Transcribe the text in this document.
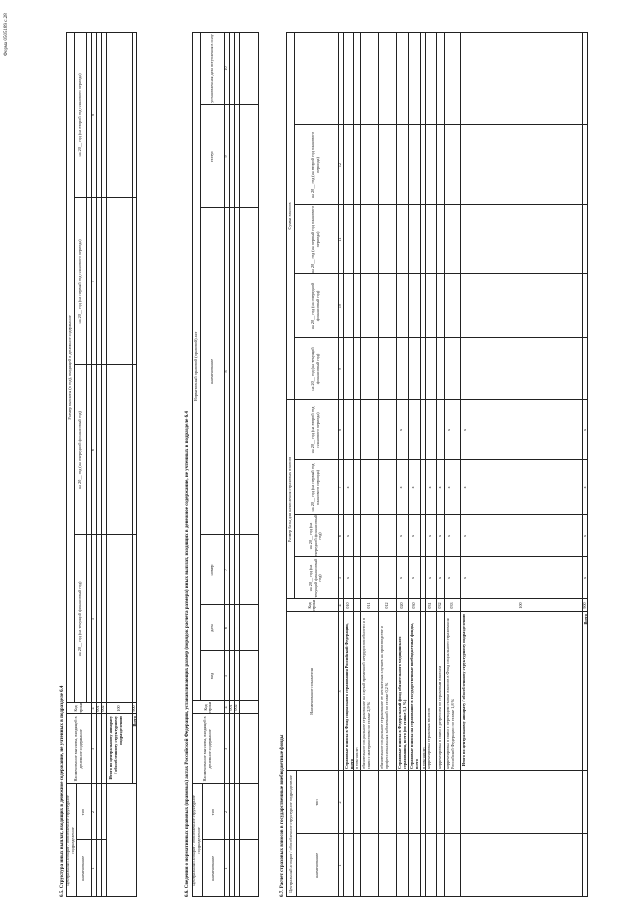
Форма 0505189 с.28
6.5. Структура иных выплат, входящих в денежное содержание, не учтенных в подразделе 6.4 Центральный аппарат / обособленное структурное подразделение
наименование
тип
Наименование выплаты, входящей в денежное содержание
Код строки
Размер выплаты (в год), входящей в денежное содержание
на 20__ год (на текущий финансовый год)
на 20__ год (на очередной финансовый год)
на 20__ год (на первый год планового периода)
на 20__ год (на второй год планового периода)
1
2
3
4
5
6
7
8
001 002
Итого по центральному аппарату / обособленному структурному подразделению
100
Всего
900	6.6. Сведения о нормативных правовых (правовых) актах Российской Федерации, устанавливающих размер (порядок расчета размера) иных выплат, входящих в денежное содержание, не учтенных в подразделе 6.4 Центральный аппарат / обособленное структурное подразделение
наименование
тип
Наименование выплаты, входящей в денежное содержание
Код строки
Нормативный правовой (правовой) акт
вид
дата
номер
наименование
статус
установленная дата вступления в силу
1
2
3
4
5
6
7
8
9
10
001 002
6.7. Расчет страховых взносов в государственные внебюджетные фонды Центральный аппарат / обособленное структурное подразделение	наименование
тип
Наименование показателя
Код строки
Размер базы для начисления страховых взносов
Сумма взносов
на 20__ год (на текущий финансовый год)
на 20__ год (на очередной финансовый год)
на 20__ год (на первый год планового периода)
на 20__ год (на второй год планового периода)
на 20__ год (на текущий финансовый год)
на 20__ год (на очередной финансовый год)
на 20__ год (на первый год планового периода)
на 20__ год (на второй год планового периода)
1
2
3
4
5
6
7
8
9
10
11
12
Страховые взносы в Фонд социального страхования Российской Федерации, всего
010
x
x
x
в том числе: обязательное социальное страхование на случай временной нетрудоспособности и в связи с материнством по ставке 2,9 %
011
обязательное социальное страхование от несчастных случаев на производстве и профессиональных заболеваний по ставке 0,2 %
012
Страховые взносы в Федеральный фонд обязательного медицинского страхования, всего (по ставке 5,1 %)
020
x
x
x
x
Страховые взносы на страхование в государственные внебюджетные фонды, всего
030
x
x
x
в том числе: корректировка страховых взносов
031
x
x
x
корректировка в связи с регрессом по страховым взносам
032
x
x
x
корректировка в связи с переводом ставки взносов в Фонд социального страхования Российской Федерации по ставке 1,8 %
033
x
x
x
x
Итого по центральному аппарату / обособленному структурному подразделению
100
x
x
x
x
Всего
900
x
x
x
x
